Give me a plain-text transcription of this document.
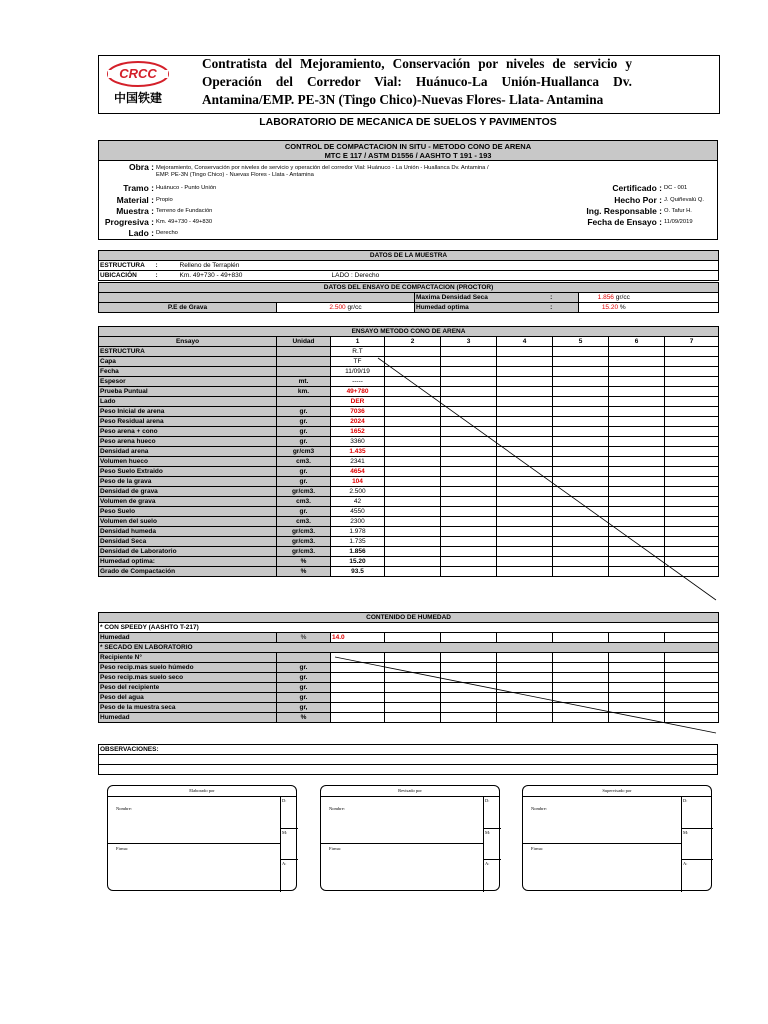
CRCC
中国铁建
Contratista del Mejoramiento, Conservación por niveles de servicio y Operación del Corredor Vial: Huánuco-La Unión-Huallanca Dv. Antamina/EMP. PE-3N (Tingo Chico)-Nuevas Flores- Llata- Antamina
LABORATORIO DE MECANICA DE SUELOS Y PAVIMENTOS
CONTROL DE COMPACTACION IN SITU - METODO CONO DE ARENA
MTC E 117 / ASTM D1556 / AASHTO T 191 - 193
Obra : Mejoramiento, Conservación por niveles de servicio y operación del corredor Vial: Huánuco - La Unión - Huallanca Dv. Antamina / EMP. PE-3N (Tingo Chico) - Nuevas Flores - Llata - Antamina
Tramo : Huánuco - Punto Unión
Material : Propio
Muestra : Terreno de Fundación
Progresiva : Km. 49+730 - 49+830
Lado : Derecho
Certificado : DC - 001
Hecho Por : J. Quiñevalú Q.
Ing. Responsable : O. Tafur H.
Fecha de Ensayo : 11/09/2019
DATOS DE LA MUESTRA			
ESTRUCTURA	:	Relleno de Terraplén	
UBICACIÓN	:	Km. 49+730 - 49+830	LADO : Derecho
DATOS DEL ENSAYO DE COMPACTACION (PROCTOR)					
		Maxima Densidad Seca	:	1.856 gr/cc	
P.E de Grava	2.500 gr/cc	Humedad optima	:	15.20 %	
ENSAYO METODO CONO DE ARENA								
Ensayo	Unidad	1	2	3	4	5	6	7
ESTRUCTURA		R.T						
Capa		TF						
Fecha		11/09/19						
Espesor	mt.	-----						
Prueba Puntual	km.	49+780						
Lado		DER						
Peso Inicial de arena	gr.	7036						
Peso Residual arena	gr.	2024						
Peso arena + cono	gr.	1652						
Peso arena hueco	gr.	3360						
Densidad arena	gr/cm3	1.435						
Volumen hueco	cm3.	2341						
Peso Suelo Extraido	gr.	4654						
Peso de la grava	gr.	104						
Densidad de grava	gr/cm3.	2.500						
Volumen de grava	cm3.	42						
Peso Suelo	gr.	4550						
Volumen del suelo	cm3.	2300						
Densidad humeda	gr/cm3.	1.978						
Densidad Seca	gr/cm3.	1.735						
Densidad de Laboratorio	gr/cm3.	1.856						
Humedad optima:	%	15.20						
Grado de Compactación	%	93.5						
CONTENIDO DE HUMEDAD								
* CON SPEEDY (AASHTO T-217)								
Humedad	%	14.0						
* SECADO EN LABORATORIO								
Recipiente N°								
Peso recip.mas suelo húmedo	gr.							
Peso recip.mas suelo seco	gr.							
Peso del recipiente	gr.							
Peso del agua	gr.							
Peso de la muestra seca	gr,							
Humedad	%							
OBSERVACIONES:

Elaborado por
Nombre:
Firma:
D:
M:
A:
Revisado por
Nombre:
Firma:
D:
M:
A:
Supervisado por
Nombre:
Firma:
D:
M:
A:
